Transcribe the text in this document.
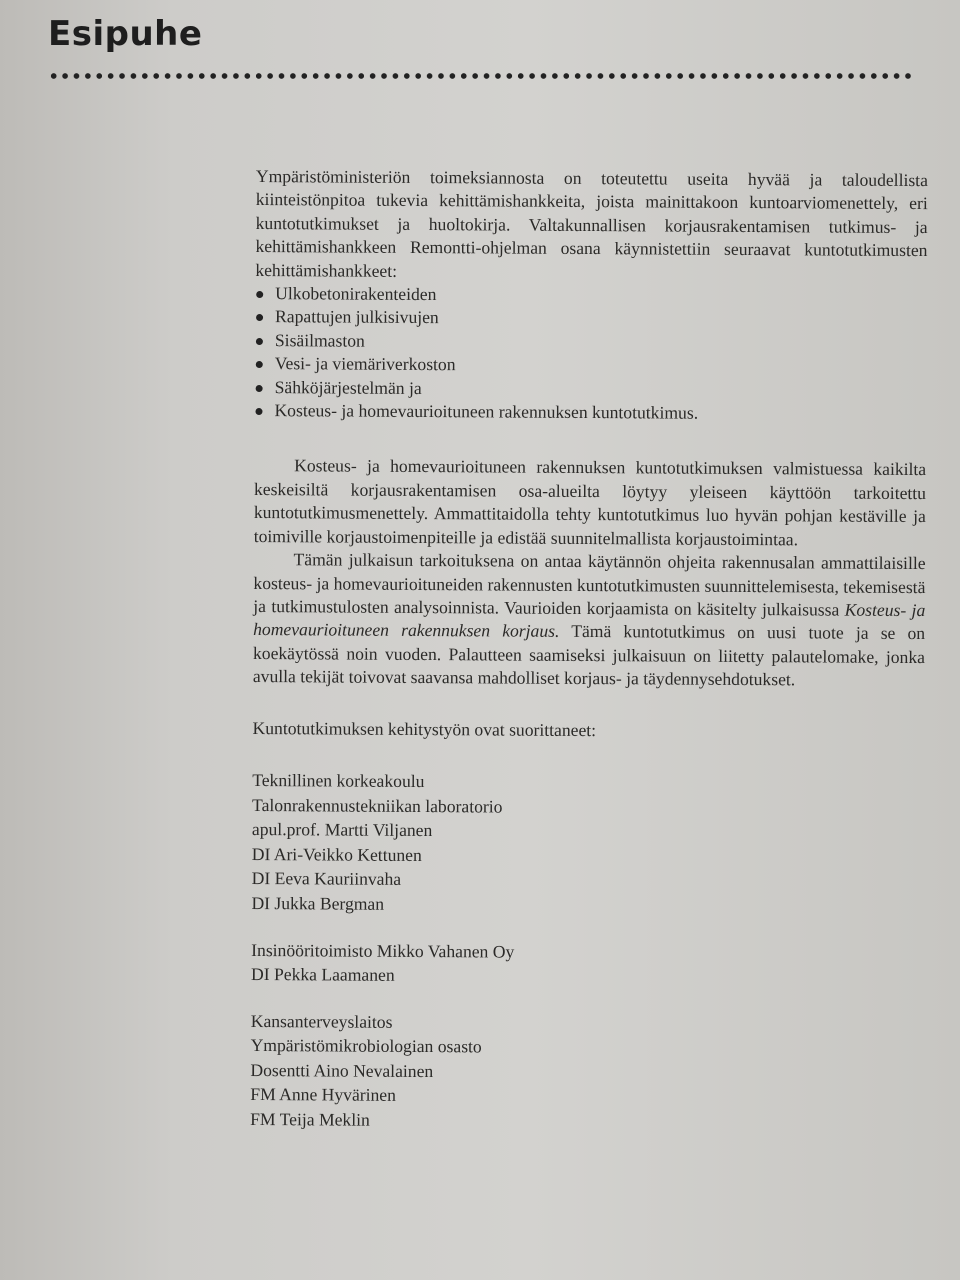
Esipuhe

Ympäristöministeriön toimeksiannosta on toteutettu useita hyvää ja taloudellista kiinteistönpitoa tukevia kehittämishankkeita, joista mainittakoon kuntoarviomenettely, eri kuntotutkimukset ja huoltokirja. Valtakunnallisen korjausrakentamisen tutkimus- ja kehittämishankkeen Remontti-ohjelman osana käynnistettiin seuraavat kuntotutkimusten kehittämishankkeet:

Ulkobetonirakenteiden
Rapattujen julkisivujen
Sisäilmaston
Vesi- ja viemäriverkoston
Sähköjärjestelmän ja
Kosteus- ja homevaurioituneen rakennuksen kuntotutkimus.

Kosteus- ja homevaurioituneen rakennuksen kuntotutkimuksen valmistuessa kaikilta keskeisiltä korjausrakentamisen osa-alueilta löytyy yleiseen käyttöön tarkoitettu kuntotutkimusmenettely. Ammattitaidolla tehty kuntotutkimus luo hyvän pohjan kestäville ja toimiville korjaustoimenpiteille ja edistää suunnitelmallista korjaustoimintaa.

Tämän julkaisun tarkoituksena on antaa käytännön ohjeita rakennusalan ammattilaisille kosteus- ja homevaurioituneiden rakennusten kuntotutkimusten suunnittelemisesta, tekemisestä ja tutkimustulosten analysoinnista. Vaurioiden korjaamista on käsitelty julkaisussa Kosteus- ja homevaurioituneen rakennuksen korjaus. Tämä kuntotutkimus on uusi tuote ja se on koekäytössä noin vuoden. Palautteen saamiseksi julkaisuun on liitetty palautelomake, jonka avulla tekijät toivovat saavansa mahdolliset korjaus- ja täydennysehdotukset.

Kuntotutkimuksen kehitystyön ovat suorittaneet:

Teknillinen korkeakoulu
Talonrakennustekniikan laboratorio
apul.prof. Martti Viljanen
DI Ari-Veikko Kettunen
DI Eeva Kauriinvaha
DI Jukka Bergman
Insinööritoimisto Mikko Vahanen Oy
DI Pekka Laamanen
Kansanterveyslaitos
Ympäristömikrobiologian osasto
Dosentti Aino Nevalainen
FM Anne Hyvärinen
FM Teija Meklin
